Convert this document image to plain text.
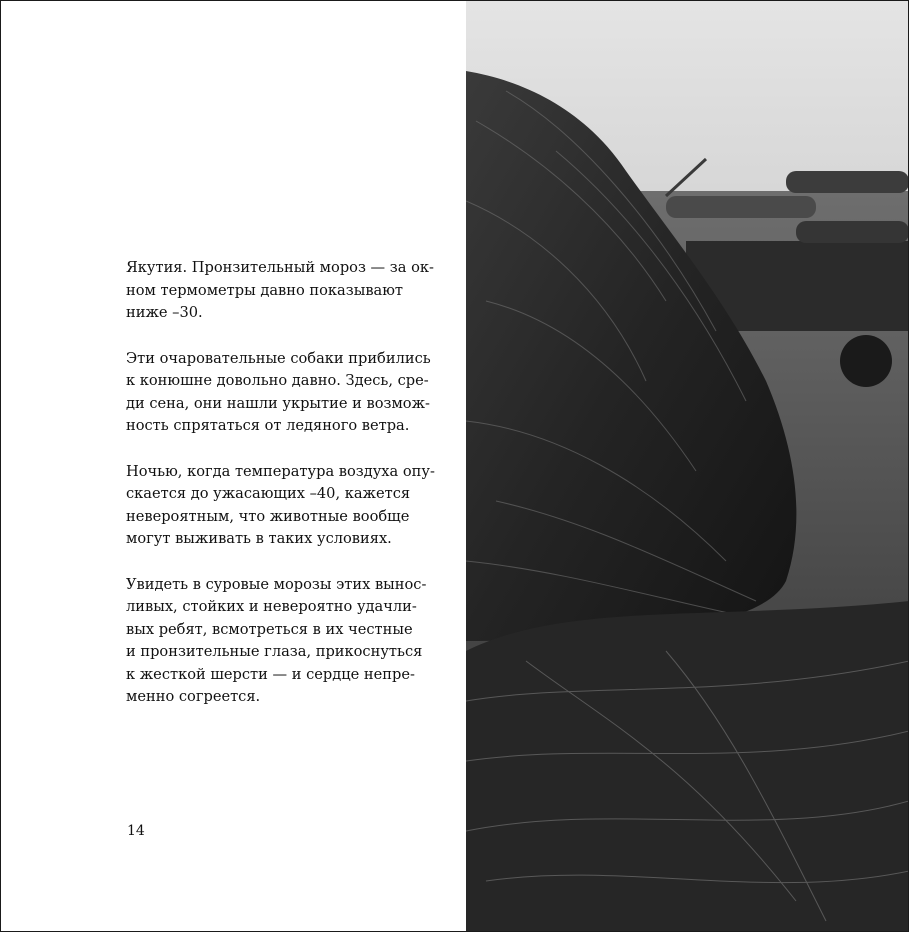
Якутия. Пронзительный мороз — за ок-
ном термометры давно показывают
ниже –30.

Эти очаровательные собаки прибились
к конюшне довольно давно. Здесь, сре-
ди сена, они нашли укрытие и возмож-
ность спрятаться от ледяного ветра.

Ночью, когда температура воздуха опу-
скается до ужасающих –40, кажется
невероятным, что животные вообще
могут выживать в таких условиях.

Увидеть в суровые морозы этих вынос-
ливых, стойких и невероятно удачли-
вых ребят, всмотреться в их честные
и пронзительные глаза, прикоснуться
к жесткой шерсти — и сердце непре-
менно согреется.

14
